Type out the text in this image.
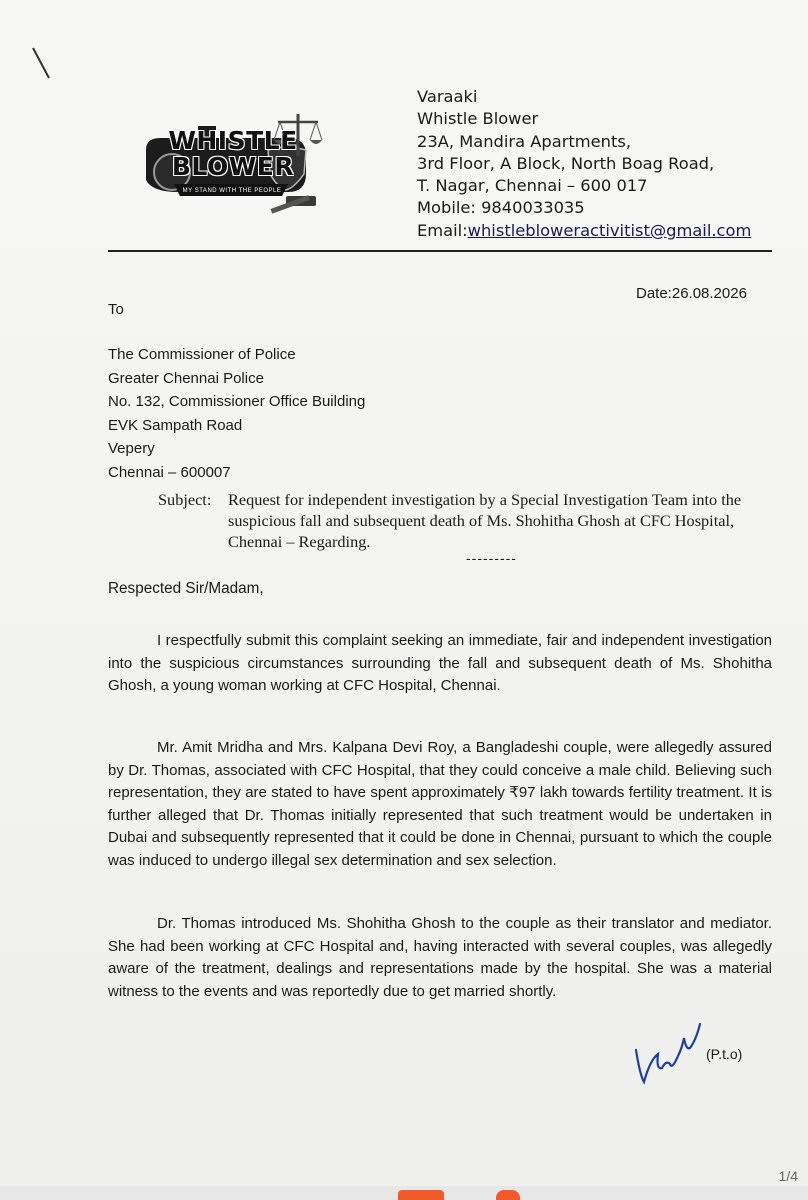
WHISTLE
BLOWER
MY STAND WITH THE PEOPLE
Varaaki
Whistle Blower
23A, Mandira Apartments,
3rd Floor, A Block, North Boag Road,
T. Nagar, Chennai – 600 017
Mobile: 9840033035
Email:whistlebloweractivitist@gmail.com
Date:26.08.2026
To
The Commissioner of Police
Greater Chennai Police
No. 132, Commissioner Office Building
EVK Sampath Road
Vepery
Chennai – 600007
Subject:	Request for independent investigation by a Special Investigation Team into the suspicious fall and subsequent death of Ms. Shohitha Ghosh at CFC Hospital, Chennai – Regarding.
---------
Respected Sir/Madam,
I respectfully submit this complaint seeking an immediate, fair and independent investigation into the suspicious circumstances surrounding the fall and subsequent death of Ms. Shohitha Ghosh, a young woman working at CFC Hospital, Chennai.
Mr. Amit Mridha and Mrs. Kalpana Devi Roy, a Bangladeshi couple, were allegedly assured by Dr. Thomas, associated with CFC Hospital, that they could conceive a male child. Believing such representation, they are stated to have spent approximately ₹97 lakh towards fertility treatment. It is further alleged that Dr. Thomas initially represented that such treatment would be undertaken in Dubai and subsequently represented that it could be done in Chennai, pursuant to which the couple was induced to undergo illegal sex determination and sex selection.
Dr. Thomas introduced Ms. Shohitha Ghosh to the couple as their translator and mediator. She had been working at CFC Hospital and, having interacted with several couples, was allegedly aware of the treatment, dealings and representations made by the hospital. She was a material witness to the events and was reportedly due to get married shortly.
(P.t.o)
1/4
